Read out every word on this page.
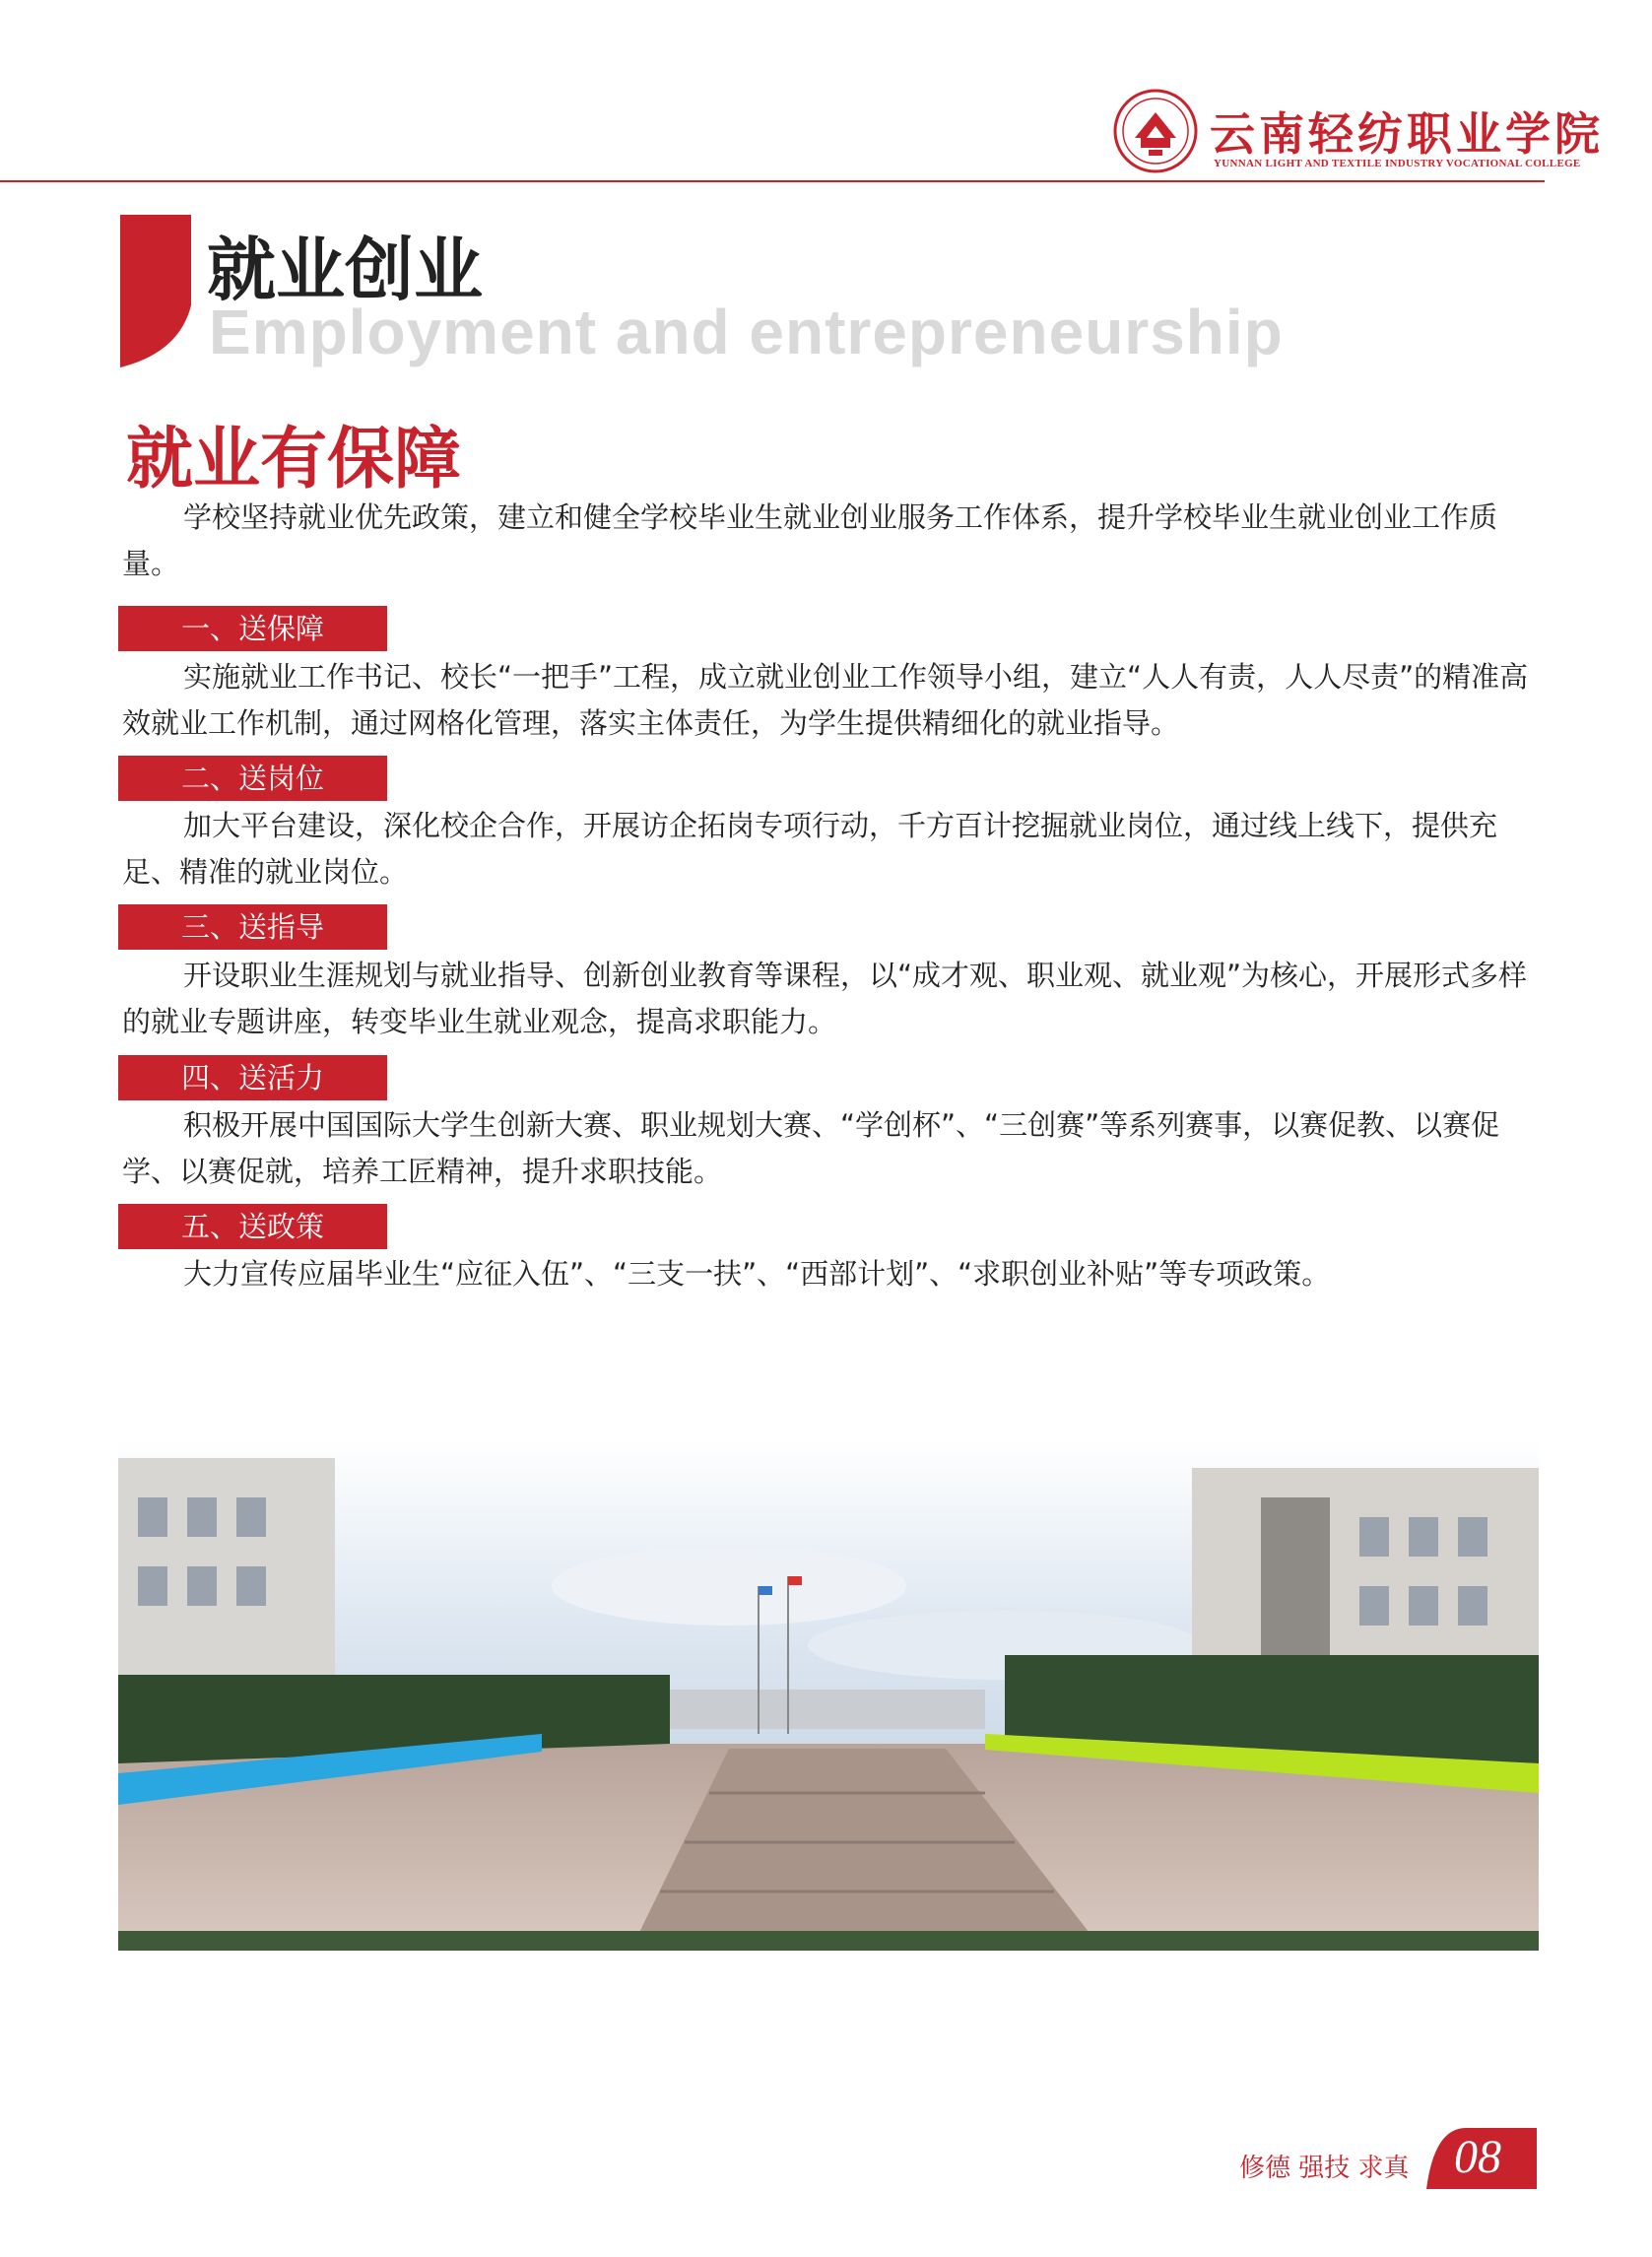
云南轻纺职业学院
YUNNAN LIGHT AND TEXTILE INDUSTRY VOCATIONAL COLLEGE
就业创业
Employment and entrepreneurship
就业有保障
学校坚持就业优先政策，建立和健全学校毕业生就业创业服务工作体系，提升学校毕业生就业创业工作质量。
一、送保障
实施就业工作书记、校长“一把手”工程，成立就业创业工作领导小组，建立“人人有责，人人尽责”的精准高效就业工作机制，通过网格化管理，落实主体责任，为学生提供精细化的就业指导。
二、送岗位
加大平台建设，深化校企合作，开展访企拓岗专项行动，千方百计挖掘就业岗位，通过线上线下，提供充足、精准的就业岗位。
三、送指导
开设职业生涯规划与就业指导、创新创业教育等课程，以“成才观、职业观、就业观”为核心，开展形式多样的就业专题讲座，转变毕业生就业观念，提高求职能力。
四、送活力
积极开展中国国际大学生创新大赛、职业规划大赛、“学创杯”、“三创赛”等系列赛事，以赛促教、以赛促学、以赛促就，培养工匠精神，提升求职技能。
五、送政策
大力宣传应届毕业生“应征入伍”、“三支一扶”、“西部计划”、“求职创业补贴”等专项政策。
修德 强技 求真 08
